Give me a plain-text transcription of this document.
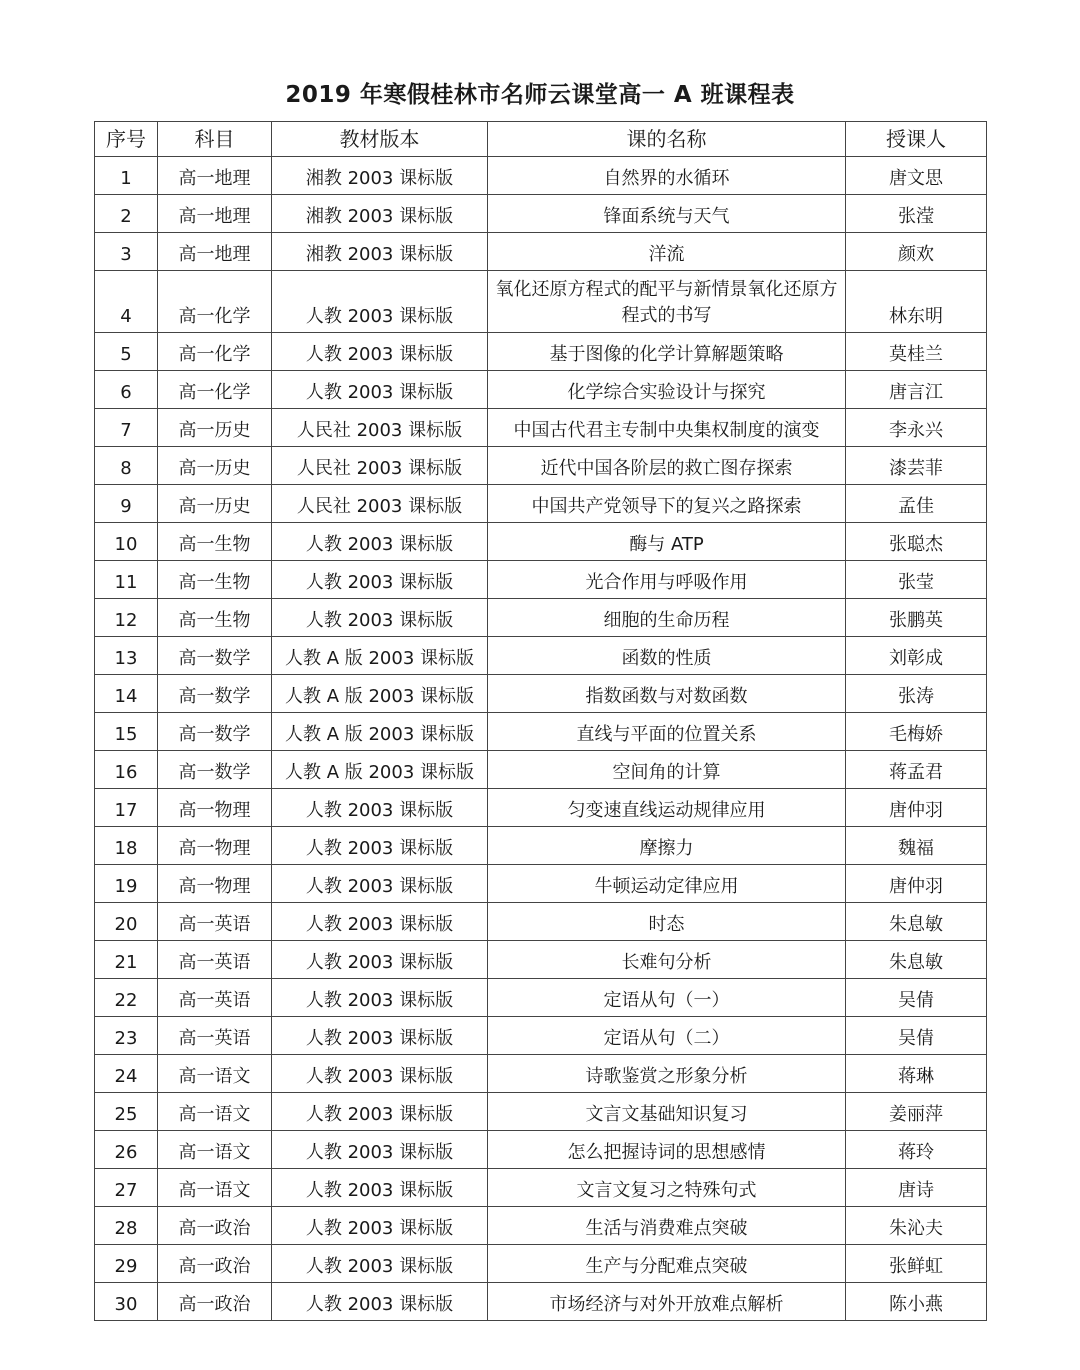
2019 年寒假桂林市名师云课堂高一 A 班课程表
序号	科目	教材版本	课的名称	授课人
1	高一地理	湘教 2003 课标版	自然界的水循环	唐文思
2	高一地理	湘教 2003 课标版	锋面系统与天气	张滢
3	高一地理	湘教 2003 课标版	洋流	颜欢
4	高一化学	人教 2003 课标版	氧化还原方程式的配平与新情景氧化还原方程式的书写	林东明
5	高一化学	人教 2003 课标版	基于图像的化学计算解题策略	莫桂兰
6	高一化学	人教 2003 课标版	化学综合实验设计与探究	唐言江
7	高一历史	人民社 2003 课标版	中国古代君主专制中央集权制度的演变	李永兴
8	高一历史	人民社 2003 课标版	近代中国各阶层的救亡图存探索	漆芸菲
9	高一历史	人民社 2003 课标版	中国共产党领导下的复兴之路探索	孟佳
10	高一生物	人教 2003 课标版	酶与 ATP	张聪杰
11	高一生物	人教 2003 课标版	光合作用与呼吸作用	张莹
12	高一生物	人教 2003 课标版	细胞的生命历程	张鹏英
13	高一数学	人教 A 版 2003 课标版	函数的性质	刘彰成
14	高一数学	人教 A 版 2003 课标版	指数函数与对数函数	张涛
15	高一数学	人教 A 版 2003 课标版	直线与平面的位置关系	毛梅娇
16	高一数学	人教 A 版 2003 课标版	空间角的计算	蒋孟君
17	高一物理	人教 2003 课标版	匀变速直线运动规律应用	唐仲羽
18	高一物理	人教 2003 课标版	摩擦力	魏福
19	高一物理	人教 2003 课标版	牛顿运动定律应用	唐仲羽
20	高一英语	人教 2003 课标版	时态	朱息敏
21	高一英语	人教 2003 课标版	长难句分析	朱息敏
22	高一英语	人教 2003 课标版	定语从句（一）	吴倩
23	高一英语	人教 2003 课标版	定语从句（二）	吴倩
24	高一语文	人教 2003 课标版	诗歌鉴赏之形象分析	蒋琳
25	高一语文	人教 2003 课标版	文言文基础知识复习	姜丽萍
26	高一语文	人教 2003 课标版	怎么把握诗词的思想感情	蒋玲
27	高一语文	人教 2003 课标版	文言文复习之特殊句式	唐诗
28	高一政治	人教 2003 课标版	生活与消费难点突破	朱沁夫
29	高一政治	人教 2003 课标版	生产与分配难点突破	张鲜虹
30	高一政治	人教 2003 课标版	市场经济与对外开放难点解析	陈小燕
